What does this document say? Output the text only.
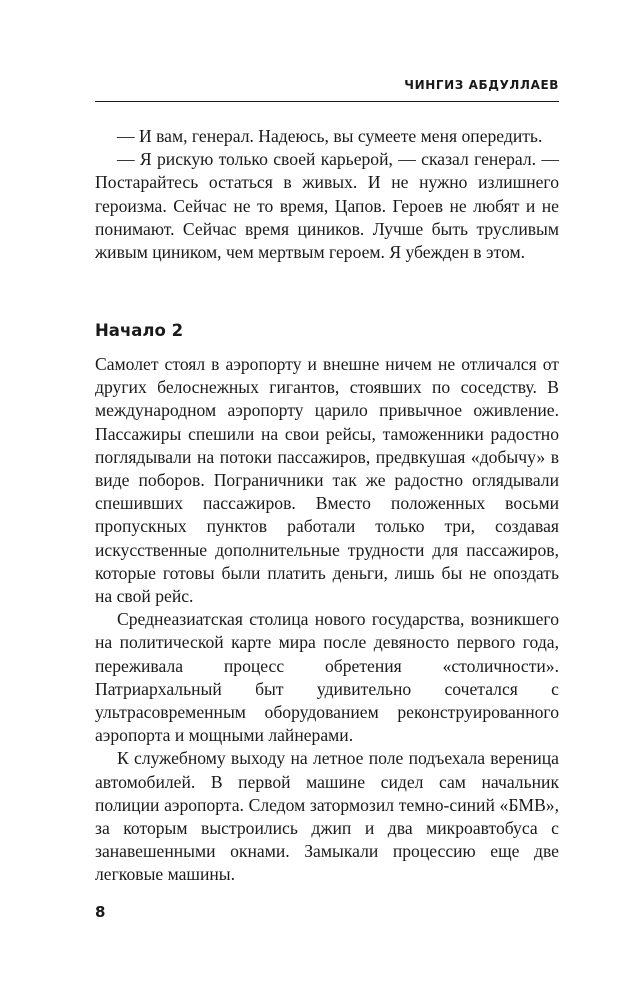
ЧИНГИЗ АБДУЛЛАЕВ

— И вам, генерал. Надеюсь, вы сумеете меня опередить.

— Я рискую только своей карьерой, — сказал генерал. — Постарайтесь остаться в живых. И не нужно излишнего героизма. Сейчас не то время, Цапов. Героев не любят и не понимают. Сейчас время циников. Лучше быть трусливым живым циником, чем мертвым героем. Я убежден в этом.

Начало 2

Самолет стоял в аэропорту и внешне ничем не отличался от других белоснежных гигантов, стоявших по соседству. В международном аэропорту царило привычное оживление. Пассажиры спешили на свои рейсы, таможенники радостно поглядывали на потоки пассажиров, предвкушая «добычу» в виде поборов. Пограничники так же радостно оглядывали спешивших пассажиров. Вместо положенных восьми пропускных пунктов работали только три, создавая искусственные дополнительные трудности для пассажиров, которые готовы были платить деньги, лишь бы не опоздать на свой рейс.

Среднеазиатская столица нового государства, возникшего на политической карте мира после девяносто первого года, переживала процесс обретения «столичности». Патриархальный быт удивительно сочетался с ультрасовременным оборудованием реконструированного аэропорта и мощными лайнерами.

К служебному выходу на летное поле подъехала вереница автомобилей. В первой машине сидел сам начальник полиции аэропорта. Следом затормозил темно-синий «БМВ», за которым выстроились джип и два микроавтобуса с занавешенными окнами. Замыкали процессию еще две легковые машины.

8
